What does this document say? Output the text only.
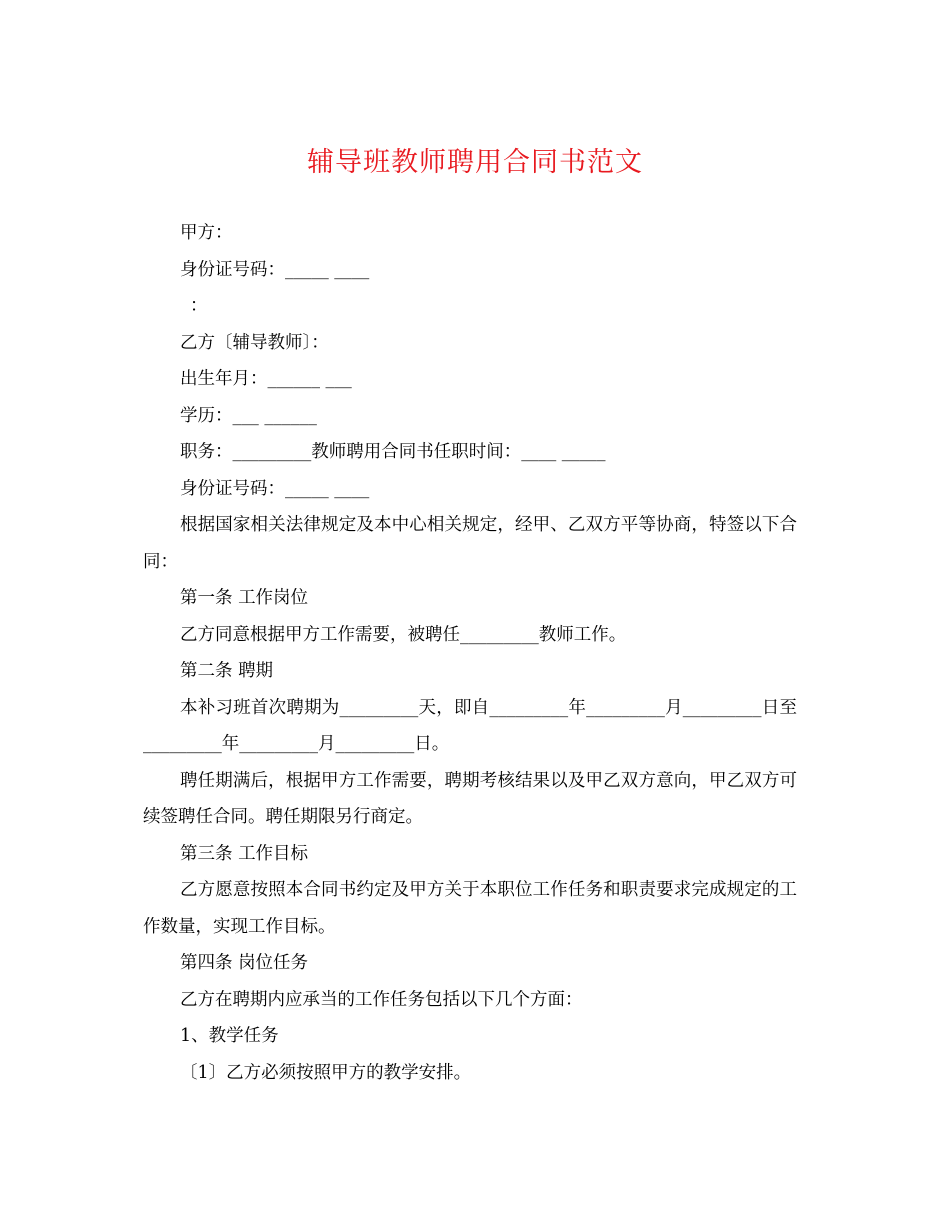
辅导班教师聘用合同书范文

甲方：

身份证号码：_____ ____

：

乙方〔辅导教师〕：

出生年月：______ ___

学历：___ ______

职务：_________教师聘用合同书任职时间：____ _____

身份证号码：_____ ____

根据国家相关法律规定及本中心相关规定，经甲、乙双方平等协商，特签以下合同：

第一条 工作岗位

乙方同意根据甲方工作需要，被聘任_________教师工作。

第二条 聘期

本补习班首次聘期为_________天，即自_________年_________月_________日至_________年_________月_________日。

聘任期满后，根据甲方工作需要，聘期考核结果以及甲乙双方意向，甲乙双方可续签聘任合同。聘任期限另行商定。

第三条 工作目标

乙方愿意按照本合同书约定及甲方关于本职位工作任务和职责要求完成规定的工作数量，实现工作目标。

第四条 岗位任务

乙方在聘期内应承当的工作任务包括以下几个方面：

1、教学任务

〔1〕乙方必须按照甲方的教学安排。
